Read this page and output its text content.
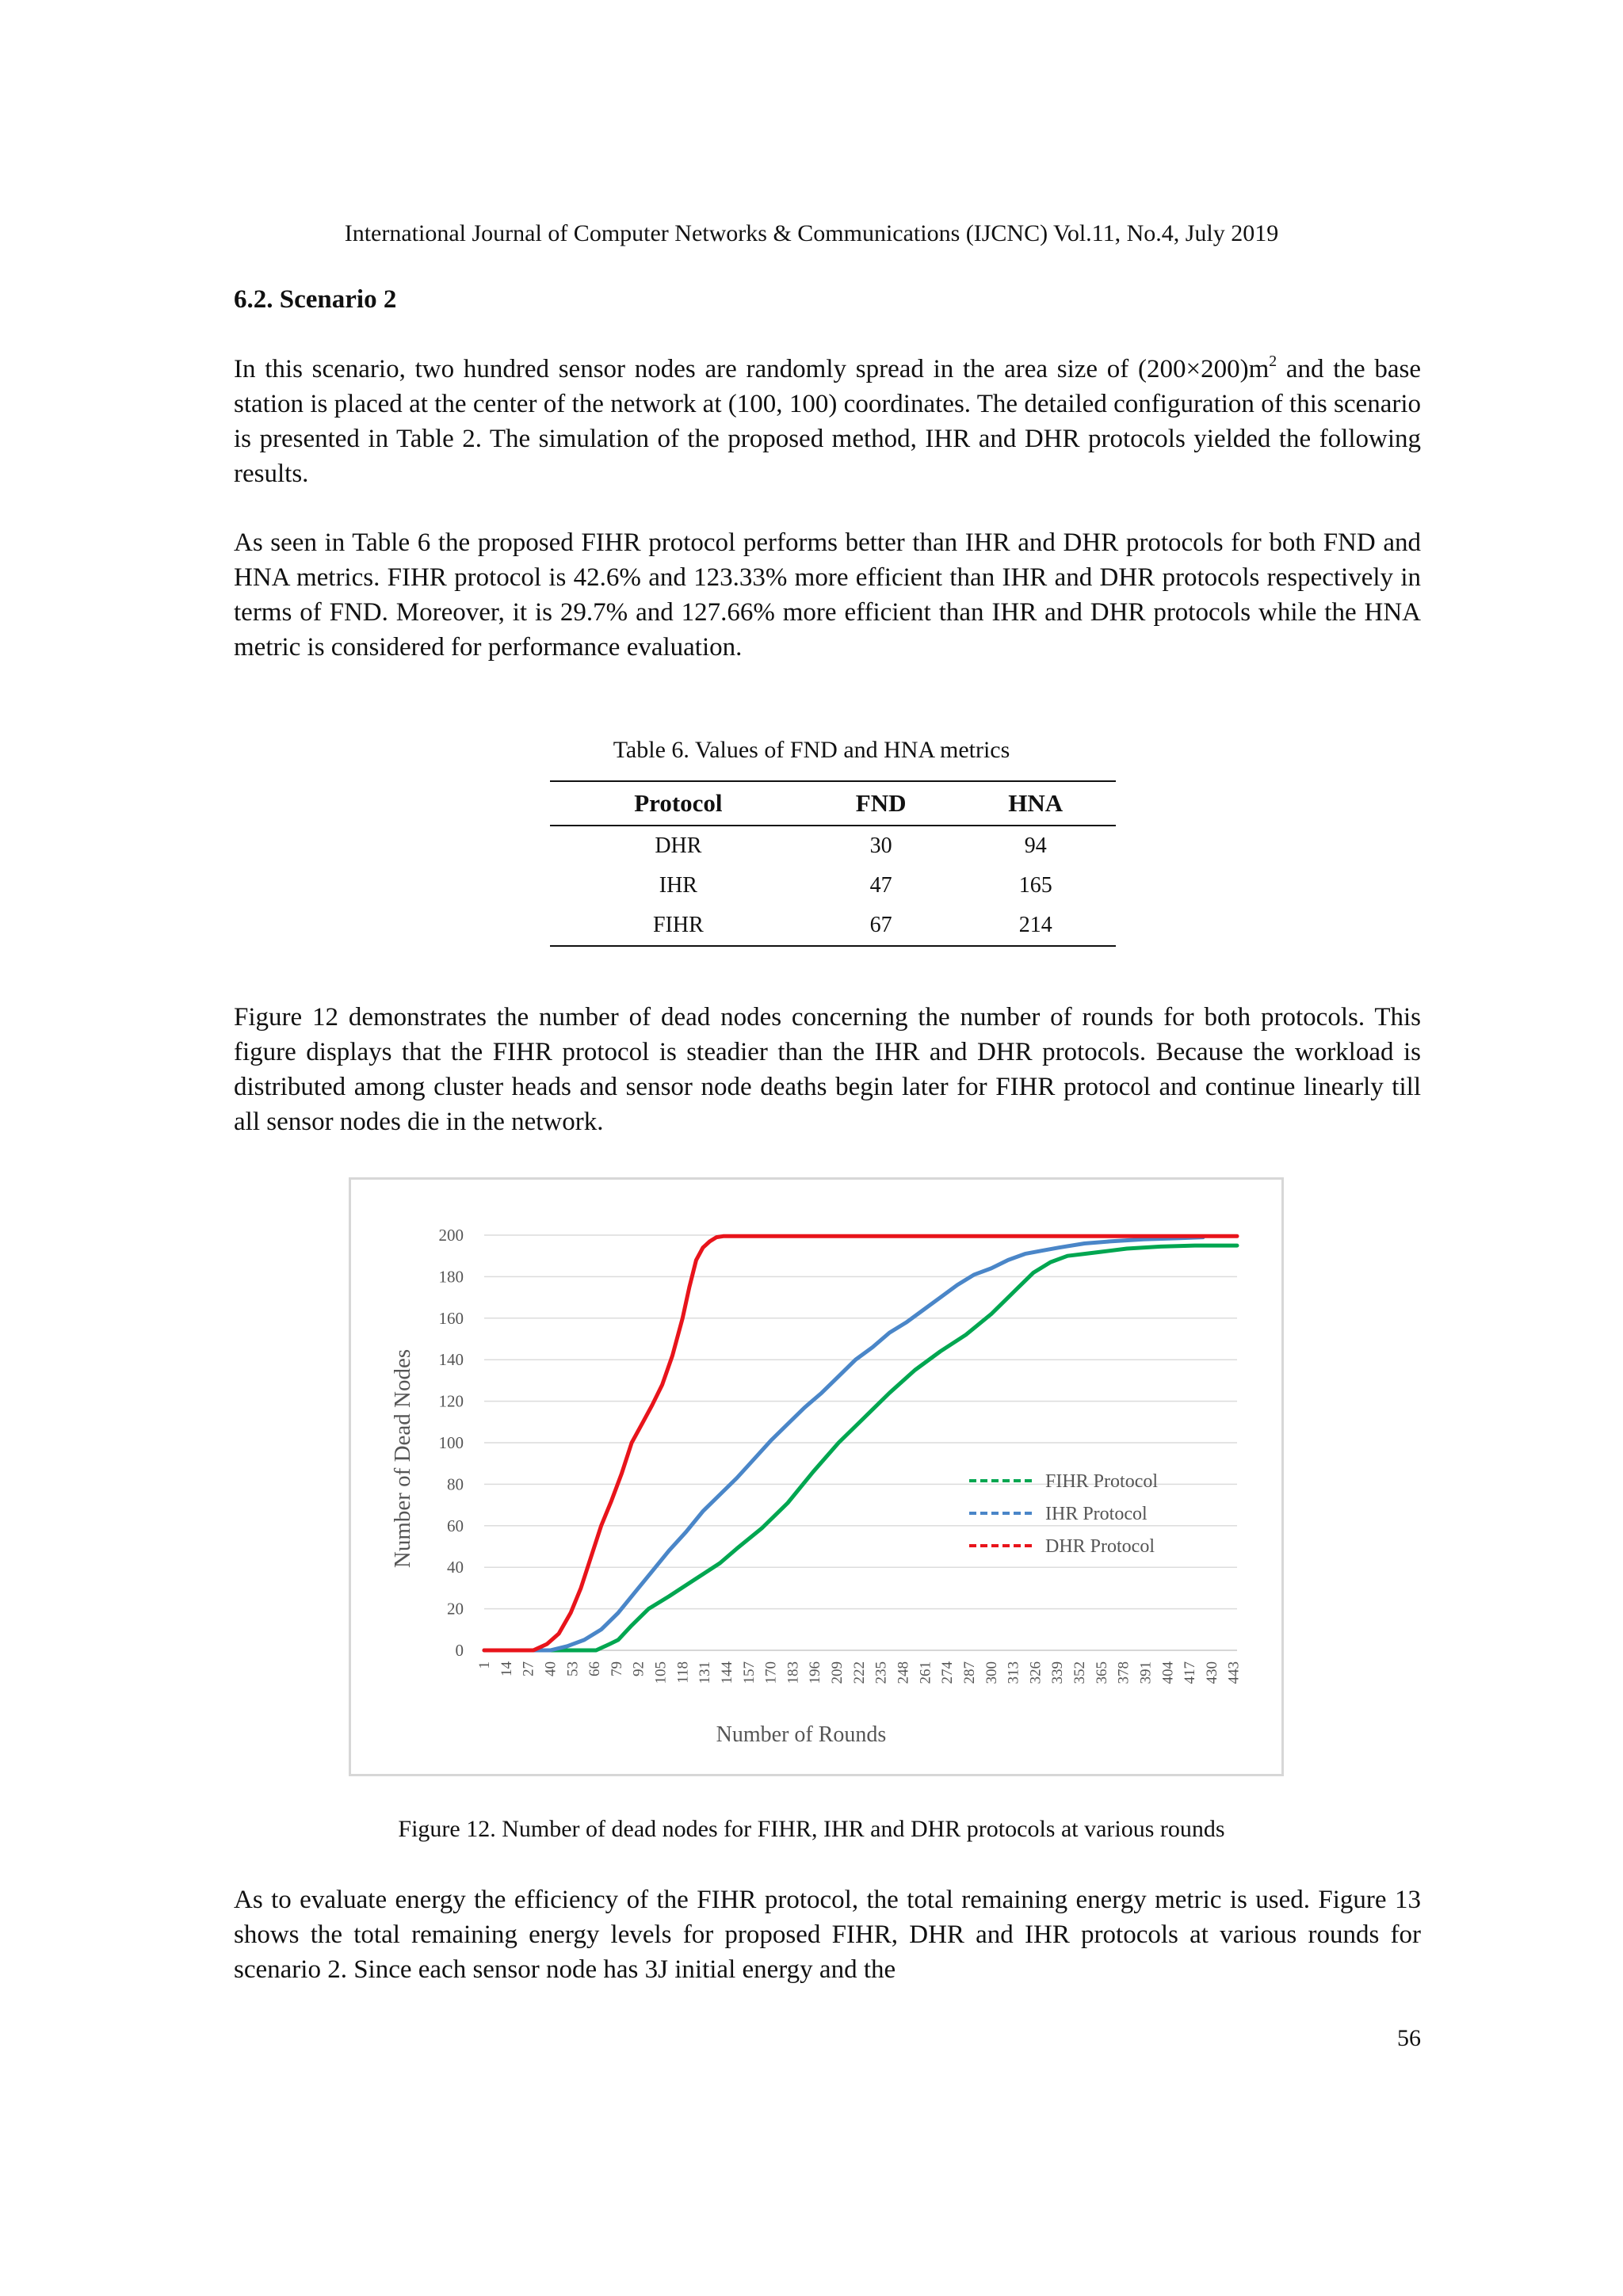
International Journal of Computer Networks & Communications (IJCNC) Vol.11, No.4, July 2019
6.2. Scenario 2
In this scenario, two hundred sensor nodes are randomly spread in the area size of $(200\times 200)m^2$ and the base station is placed at the center of the network at (100, 100) coordinates. The detailed configuration of this scenario is presented in Table 2. The simulation of the proposed method, IHR and DHR protocols yielded the following results.
As seen in Table 6 the proposed FIHR protocol performs better than IHR and DHR protocols for both FND and HNA metrics. FIHR protocol is 42.6% and 123.33% more efficient than IHR and DHR protocols respectively in terms of FND. Moreover, it is 29.7% and 127.66% more efficient than IHR and DHR protocols while the HNA metric is considered for performance evaluation.
Table 6. Values of FND and HNA metrics
Protocol	FND	HNA
DHR	30	94
IHR	47	165
FIHR	67	214
Figure 12 demonstrates the number of dead nodes concerning the number of rounds for both protocols. This figure displays that the FIHR protocol is steadier than the IHR and DHR protocols. Because the workload is distributed among cluster heads and sensor node deaths begin later for FIHR protocol and continue linearly till all sensor nodes die in the network.
0
20
40
60
80
100
120
140
160
180
200
1 14 27 40 53 66 79 92 105 118 131 144 157 170 183 196 209 222 235 248 261 274 287 300 313 326 339 352 365 378 391 404 417 430 443
Number of Rounds
Number of Dead Nodes	FIHR Protocol
IHR Protocol
DHR Protocol
Figure 12. Number of dead nodes for FIHR, IHR and DHR protocols at various rounds
As to evaluate energy the efficiency of the FIHR protocol, the total remaining energy metric is used. Figure 13 shows the total remaining energy levels for proposed FIHR, DHR and IHR protocols at various rounds for scenario 2. Since each sensor node has 3J initial energy and the
56
